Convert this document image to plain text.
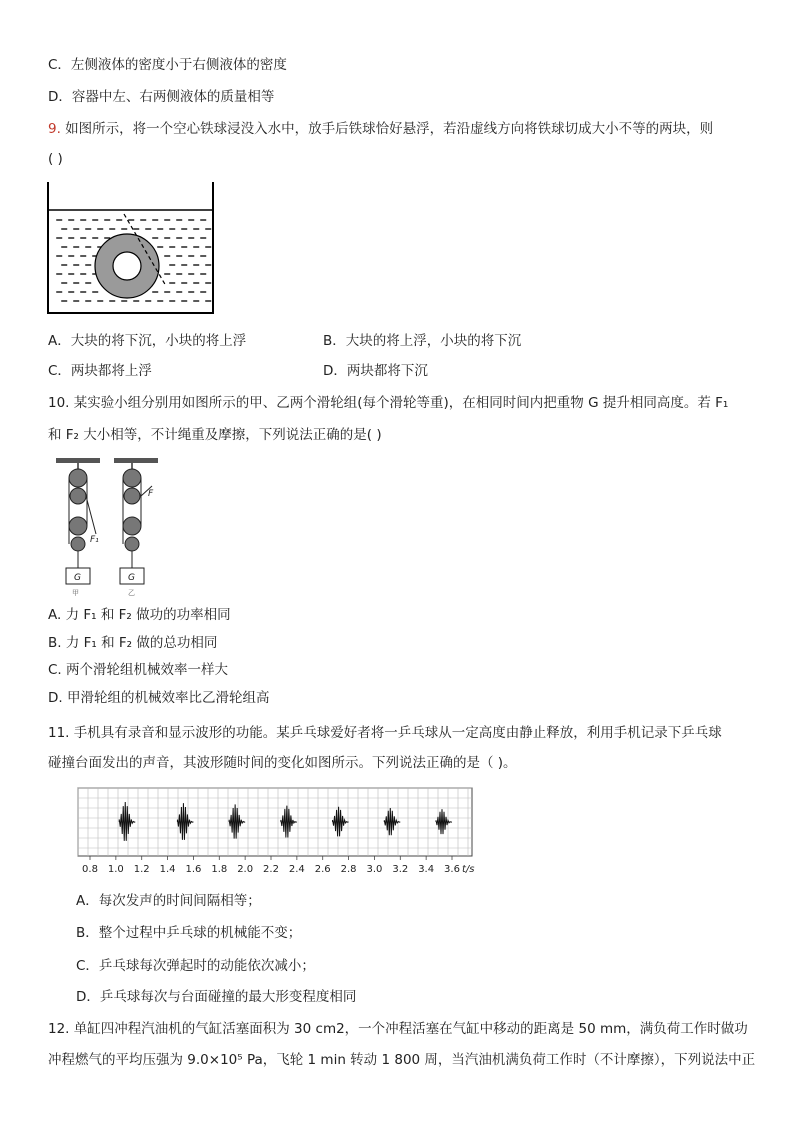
C．左侧液体的密度小于右侧液体的密度
D．容器中左、右两侧液体的质量相等
9. 如图所示，将一个空心铁球浸没入水中，放手后铁球恰好悬浮，若沿虚线方向将铁球切成大小不等的两块，则
( )
A．大块的将下沉，小块的将上浮	B．大块的将上浮，小块的将下沉
C．两块都将上浮	D．两块都将下沉
10. 某实验小组分别用如图所示的甲、乙两个滑轮组(每个滑轮等重)，在相同时间内把重物 G 提升相同高度。若 F₁
和 F₂ 大小相等，不计绳重及摩擦，下列说法正确的是( )
F₁
G
甲
F
G
乙
A. 力 F₁ 和 F₂ 做功的功率相同
B. 力 F₁ 和 F₂ 做的总功相同
C. 两个滑轮组机械效率一样大
D. 甲滑轮组的机械效率比乙滑轮组高
11. 手机具有录音和显示波形的功能。某乒乓球爱好者将一乒乓球从一定高度由静止释放，利用手机记录下乒乓球
碰撞台面发出的声音，其波形随时间的变化如图所示。下列说法正确的是（ )。
0.8 1.0 1.2 1.4 1.6 1.8 2.0 2.2 2.4 2.6 2.8 3.0 3.2 3.4 3.6 t/s
A．每次发声的时间间隔相等；
B．整个过程中乒乓球的机械能不变；
C．乒乓球每次弹起时的动能依次减小；
D．乒乓球每次与台面碰撞的最大形变程度相同
12. 单缸四冲程汽油机的气缸活塞面积为 30 cm2，一个冲程活塞在气缸中移动的距离是 50 mm，满负荷工作时做功
冲程燃气的平均压强为 9.0×10⁵ Pa，飞轮 1 min 转动 1 800 周，当汽油机满负荷工作时（不计摩擦），下列说法中正
